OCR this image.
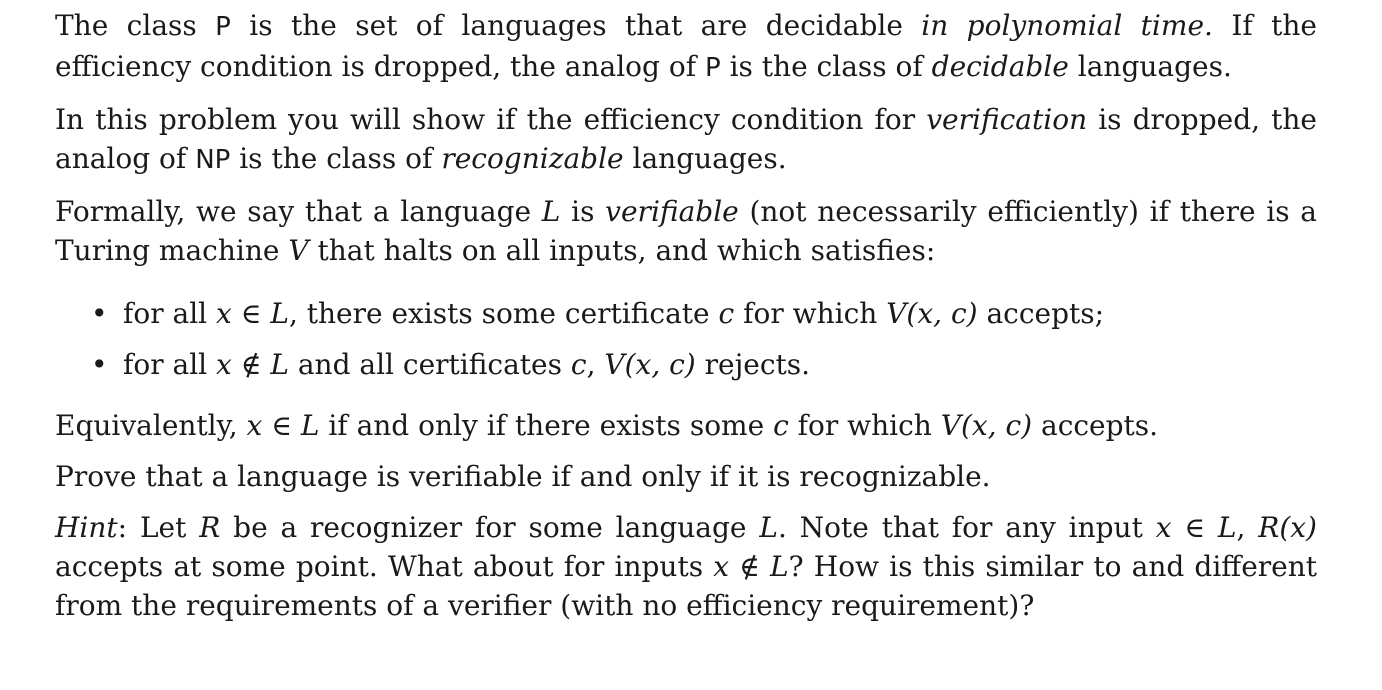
The class P is the set of languages that are decidable in polynomial time. If the efficiency condition is dropped, the analog of P is the class of decidable languages.

In this problem you will show if the efficiency condition for verification is dropped, the analog of NP is the class of recognizable languages.

Formally, we say that a language L is verifiable (not necessarily efficiently) if there is a Turing machine V that halts on all inputs, and which satisfies:

• for all x ∈ L, there exists some certificate c for which V(x, c) accepts;
• for all x ∉ L and all certificates c, V(x, c) rejects.

Equivalently, x ∈ L if and only if there exists some c for which V(x, c) accepts.

Prove that a language is verifiable if and only if it is recognizable.

Hint: Let R be a recognizer for some language L. Note that for any input x ∈ L, R(x) accepts at some point. What about for inputs x ∉ L? How is this similar to and different from the requirements of a verifier (with no efficiency requirement)?
